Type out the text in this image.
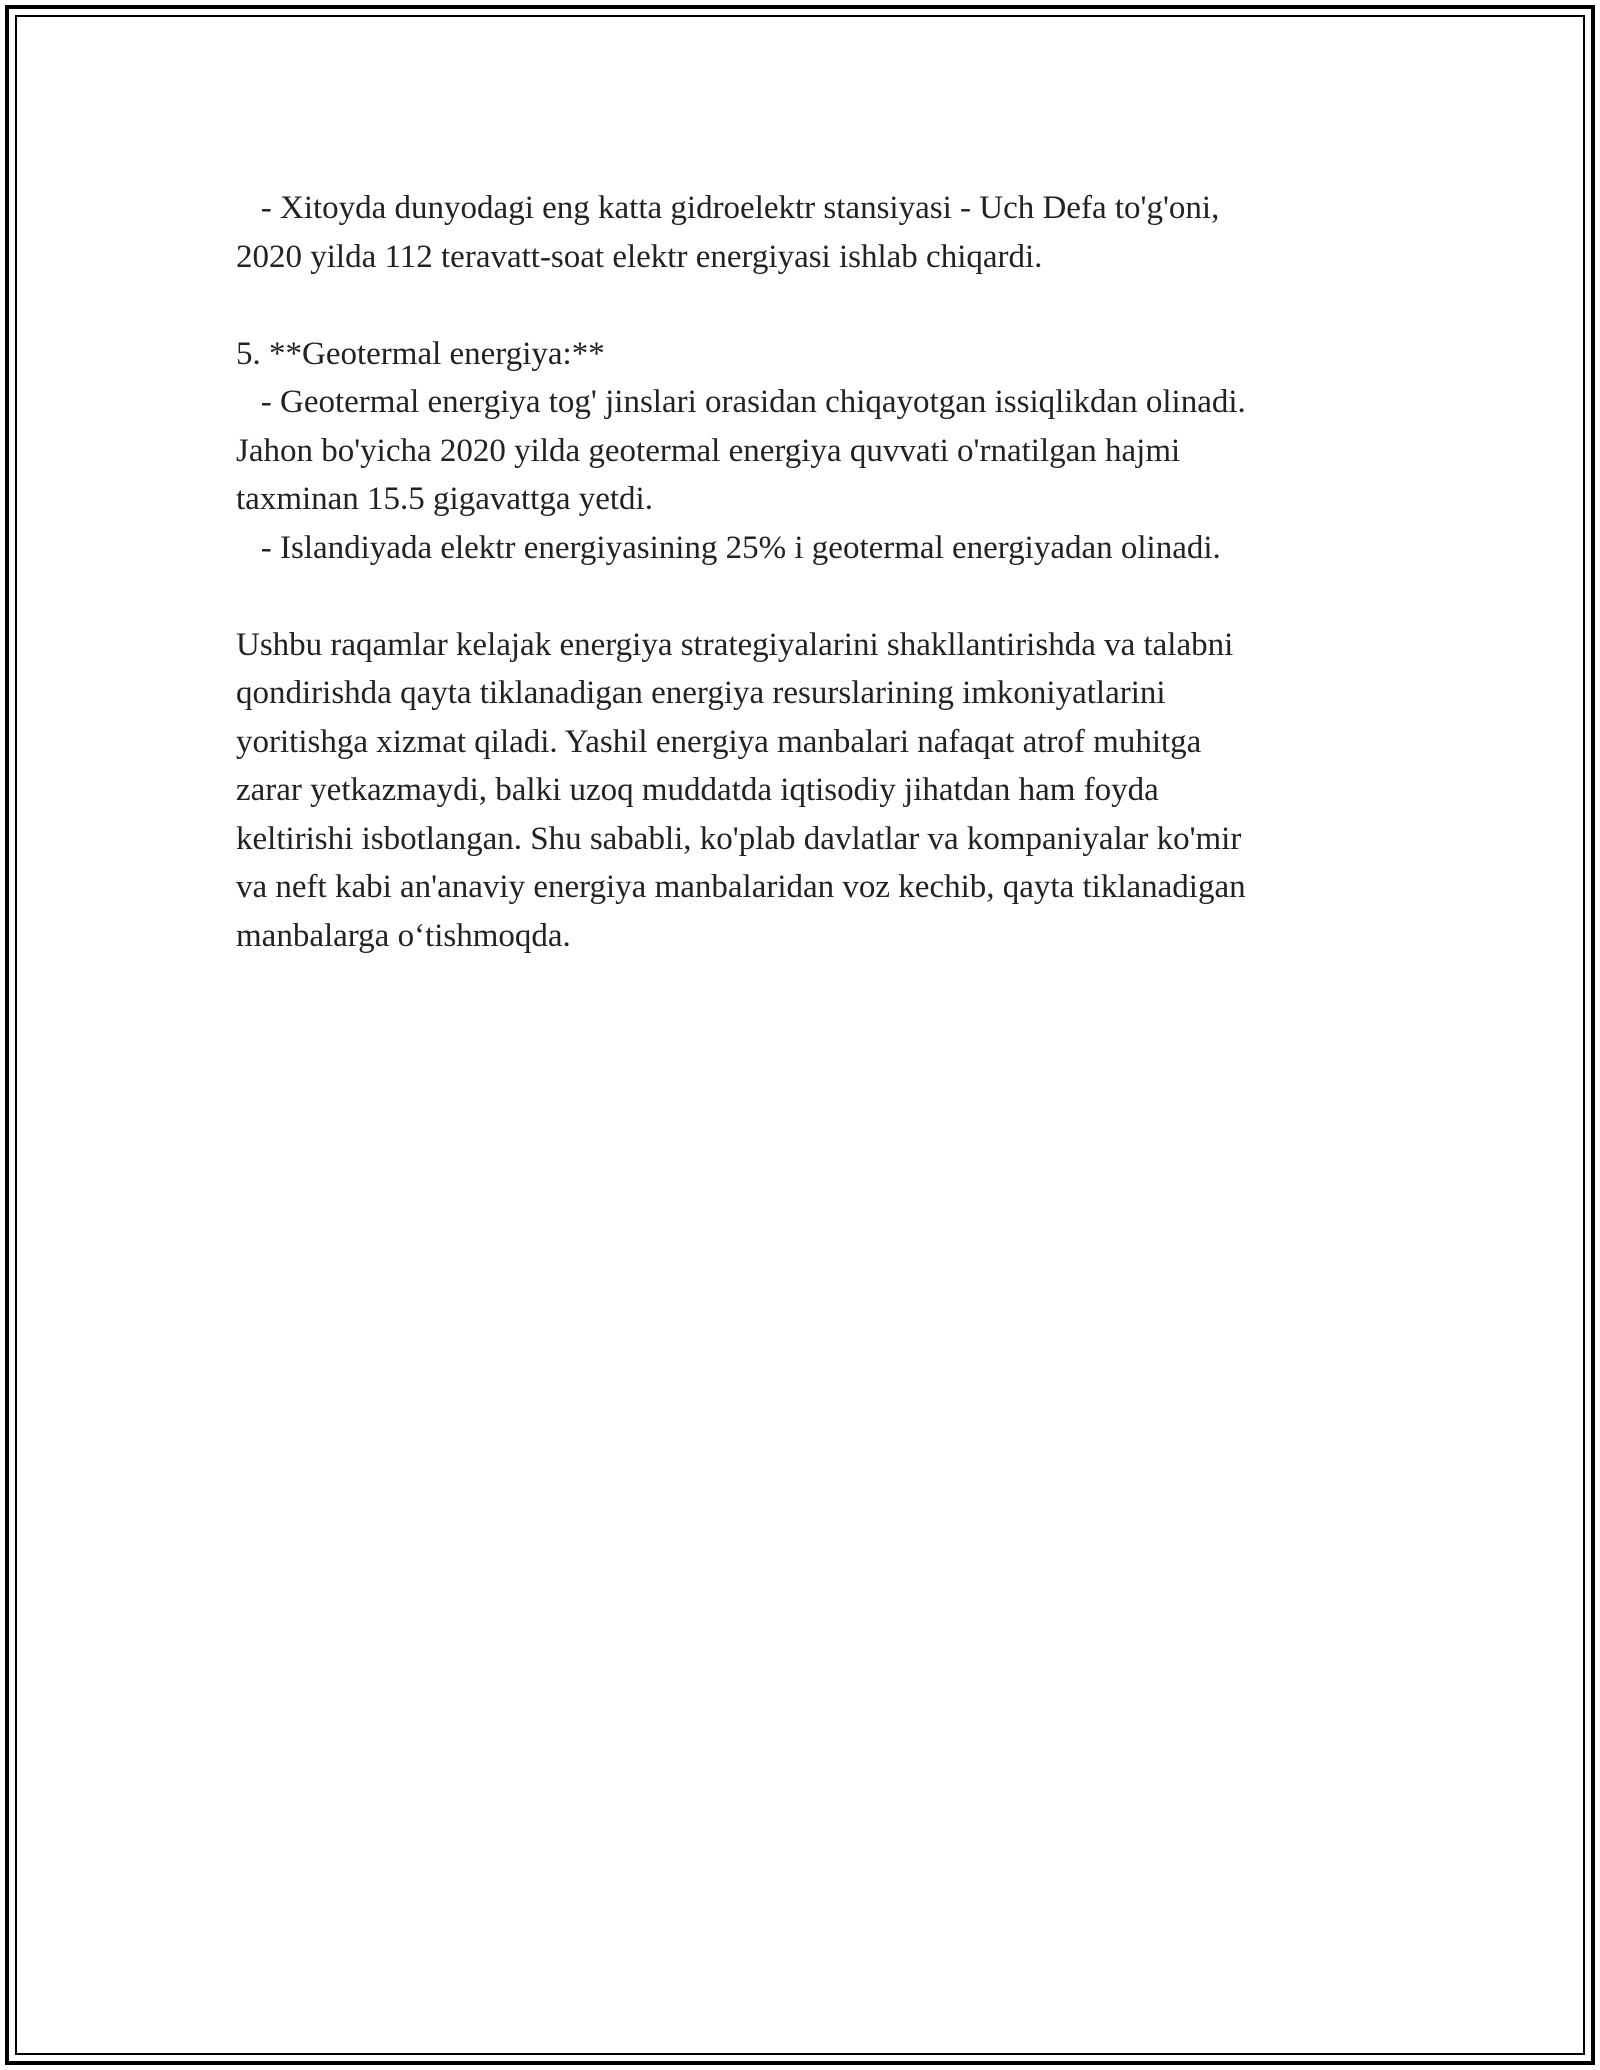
- Xitoyda dunyodagi eng katta gidroelektr stansiyasi - Uch Defa to'g'oni,
2020 yilda 112 teravatt-soat elektr energiyasi ishlab chiqardi.
5. **Geotermal energiya:**
- Geotermal energiya tog' jinslari orasidan chiqayotgan issiqlikdan olinadi.
Jahon bo'yicha 2020 yilda geotermal energiya quvvati o'rnatilgan hajmi
taxminan 15.5 gigavattga yetdi.
- Islandiyada elektr energiyasining 25% i geotermal energiyadan olinadi.
Ushbu raqamlar kelajak energiya strategiyalarini shakllantirishda va talabni
qondirishda qayta tiklanadigan energiya resurslarining imkoniyatlarini
yoritishga xizmat qiladi. Yashil energiya manbalari nafaqat atrof muhitga
zarar yetkazmaydi, balki uzoq muddatda iqtisodiy jihatdan ham foyda
keltirishi isbotlangan. Shu sababli, ko'plab davlatlar va kompaniyalar ko'mir
va neft kabi an'anaviy energiya manbalaridan voz kechib, qayta tiklanadigan
manbalarga o‘tishmoqda.
